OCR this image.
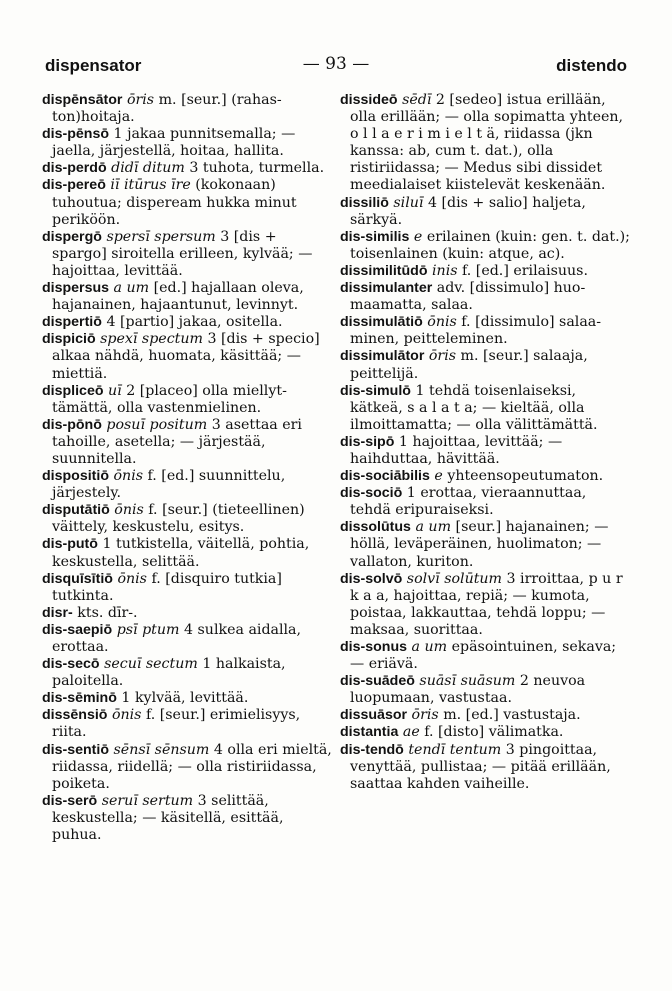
dispensator	— 93 —	distendo

dispēnsātor ōris m. [seur.] (rahaston)hoitaja.

dis-pēnsō 1 jakaa punnitsemalla; — jaella, järjestellä, hoitaa, hallita.

dis-perdō didī ditum 3 tuhota, turmella.

dis-pereō iī itūrus īre (kokonaan) tuhoutua; dispeream hukka minut periköön.

dispergō spersī spersum 3 [dis + spargo] siroitella erilleen, kylvää; — hajoittaa, levittää.

dispersus a um [ed.] hajallaan oleva, hajanainen, hajaantunut, levinnyt.

dispertiō 4 [partio] jakaa, ositella.

dispiciō spexī spectum 3 [dis + specio] alkaa nähdä, huomata, käsittää; — miettiä.

displiceō uī 2 [placeo] olla miellyttämättä, olla vastenmielinen.

dis-pōnō posuī positum 3 asettaa eri tahoille, asetella; — järjestää, suunnitella.

dispositiō ōnis f. [ed.] suunnittelu, järjestely.

disputātiō ōnis f. [seur.] (tieteellinen) väittely, keskustelu, esitys.

dis-putō 1 tutkistella, väitellä, pohtia, keskustella, selittää.

disquīsītiō ōnis f. [disquiro tutkia] tutkinta.

disr- kts. dīr-.

dis-saepiō psī ptum 4 sulkea aidalla, erottaa.

dis-secō secuī sectum 1 halkaista, paloitella.

dis-sēminō 1 kylvää, levittää.

dissēnsiō ōnis f. [seur.] erimielisyys, riita.

dis-sentiō sēnsī sēnsum 4 olla eri mieltä, riidassa, riidellä; — olla ristiriidassa, poiketa.

dis-serō seruī sertum 3 selittää, keskustella; — käsitellä, esittää, puhua.

dissideō sēdī 2 [sedeo] istua erillään, olla erillään; — olla sopimatta yhteen, o l l a e r i m i e l t ä, riidassa (jkn kanssa: ab, cum t. dat.), olla ristiriidassa; — Medus sibi dissidet meedialaiset kiistelevät keskenään.

dissiliō siluī 4 [dis + salio] haljeta, särkyä.

dis-similis e erilainen (kuin: gen. t. dat.); toisenlainen (kuin: atque, ac).

dissimilitūdō inis f. [ed.] erilaisuus.

dissimulanter adv. [dissimulo] huomaamatta, salaa.

dissimulātiō ōnis f. [dissimulo] salaaminen, peitteleminen.

dissimulātor ōris m. [seur.] salaaja, peittelijä.

dis-simulō 1 tehdä toisenlaiseksi, kätkeä, s a l a t a; — kieltää, olla ilmoittamatta; — olla välittämättä.

dis-sipō 1 hajoittaa, levittää; — haihduttaa, hävittää.

dis-sociābilis e yhteensopeutumaton.

dis-sociō 1 erottaa, vieraannuttaa, tehdä eripuraiseksi.

dissolūtus a um [seur.] hajanainen; — höllä, leväperäinen, huolimaton; — vallaton, kuriton.

dis-solvō solvī solūtum 3 irroittaa, p u r k a a, hajoittaa, repiä; — kumota, poistaa, lakkauttaa, tehdä loppu; — maksaa, suorittaa.

dis-sonus a um epäsointuinen, sekava; — eriävä.

dis-suādeō suāsī suāsum 2 neuvoa luopumaan, vastustaa.

dissuāsor ōris m. [ed.] vastustaja.

distantia ae f. [disto] välimatka.

dis-tendō tendī tentum 3 pingoittaa, venyttää, pullistaa; — pitää erillään, saattaa kahden vaiheille.
